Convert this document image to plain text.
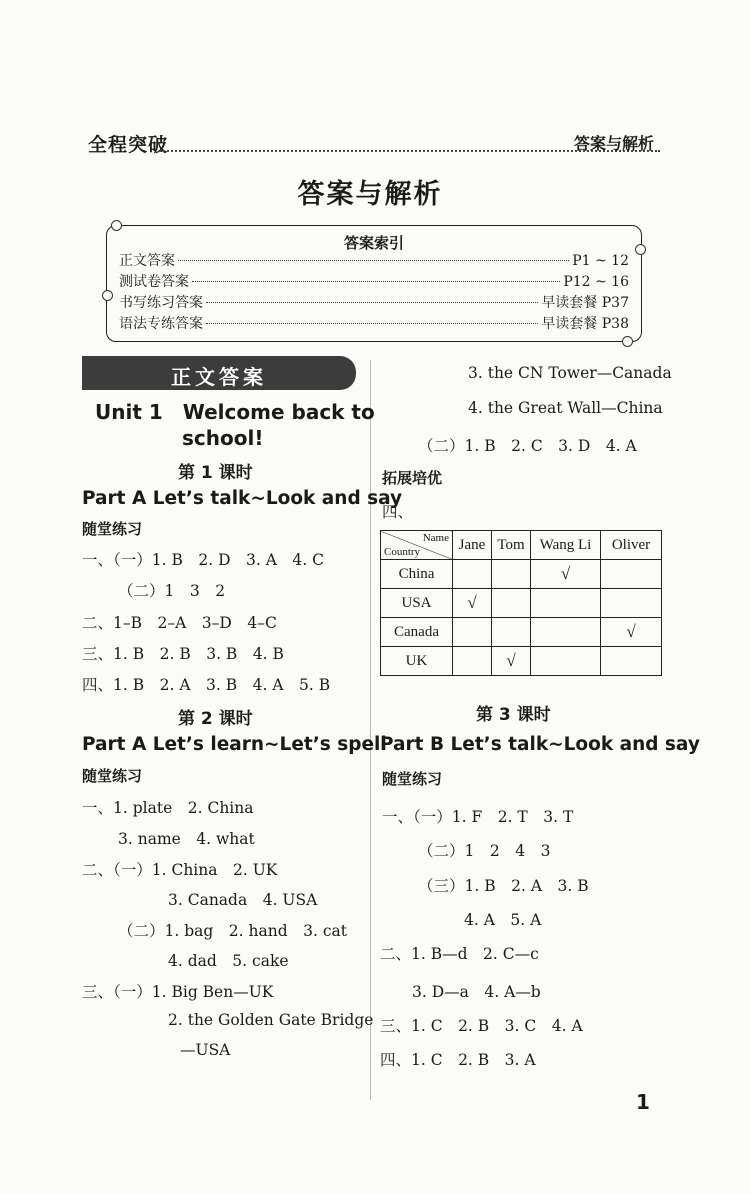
全程突破	答案与解析
答案与解析
答案索引
正文答案	P1 ~ 12
测试卷答案	P12 ~ 16
书写练习答案	早读套餐 P37
语法专练答案	早读套餐 P38
正文答案
Unit 1　Welcome back to
school!
第 1 课时
Part A Let’s talk~Look and say
随堂练习
一、（一）1. B　2. D　3. A　4. C
（二）1　3　2
二、1–B　2–A　3–D　4–C
三、1. B　2. B　3. B　4. B
四、1. B　2. A　3. B　4. A　5. B
第 2 课时
Part A Let’s learn~Let’s spell
随堂练习
一、1. plate　2. China
3. name　4. what
二、（一）1. China　2. UK
3. Canada　4. USA
（二）1. bag　2. hand　3. cat
4. dad　5. cake
三、（一）1. Big Ben—UK
2. the Golden Gate Bridge
—USA
3. the CN Tower—Canada
4. the Great Wall—China
（二）1. B　2. C　3. D　4. A
拓展培优
四、
Name
Country	Jane	Tom	Wang Li	Oliver
China			√	
USA	√			
Canada				√
UK		√		
第 3 课时
Part B Let’s talk~Look and say
随堂练习
一、（一）1. F　2. T　3. T
（二）1　2　4　3
（三）1. B　2. A　3. B
4. A　5. A
二、1. B—d　2. C—c
3. D—a　4. A—b
三、1. C　2. B　3. C　4. A
四、1. C　2. B　3. A
1
